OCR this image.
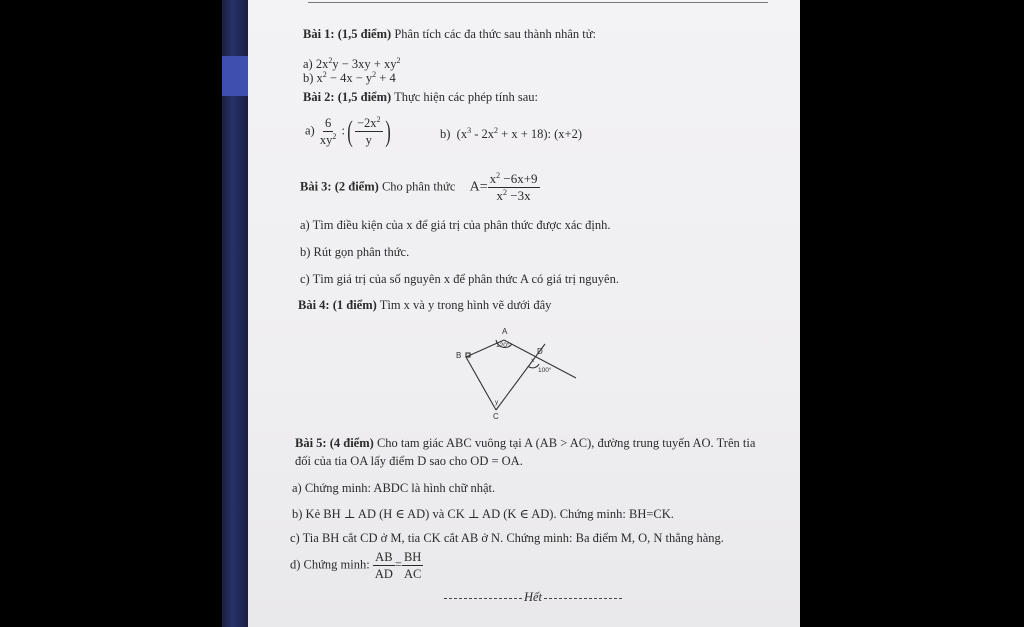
Bài 1: (1,5 điểm) Phân tích các đa thức sau thành nhân tử:
a) $2x^2y - 3xy + xy^2$
b) $x^2 - 4x - y^2 + 4$
Bài 2: (1,5 điểm) Thực hiện các phép tính sau:
$a) \frac{6}{xy^2}$ :( $\frac{-2x^2}{y}$ )	b)  $(x^3 - 2x^2 + x + 18)$: (x+2)
Bài 3: (2 điểm) Cho phân thức $A= \frac{x^2 -6x+9}{x^2 -3x}$
a) Tìm điều kiện của x để giá trị của phân thức được xác định.
b) Rút gọn phân thức.
c) Tìm giá trị của số nguyên x để phân thức A có giá trị nguyên.
Bài 4: (1 điểm) Tìm x và y trong hình vẽ dưới đây
A
B
C
D
120°
100°
x
y
Bài 5: (4 điểm) Cho tam giác ABC vuông tại A (AB > AC), đường trung tuyến AO. Trên tia
đối của tia OA lấy điểm D sao cho OD = OA.
a) Chứng minh: ABDC là hình chữ nhật.
b) Kẻ BH ⊥ AD (H ∈ AD) và CK ⊥ AD (K ∈ AD). Chứng minh: BH=CK.
c) Tia BH cắt CD ở M, tia CK cắt AB ở N. Chứng minh: Ba điểm M, O, N thẳng hàng.
d) Chứng minh: $\frac{AB}{AD} = \frac{BH}{AC}$
Hết
